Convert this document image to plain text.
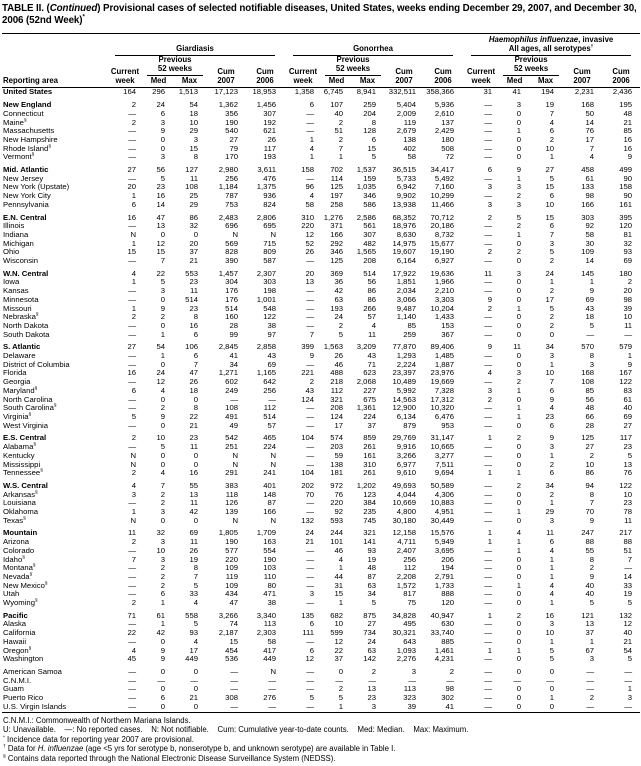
TABLE II. (Continued) Provisional cases of selected notifiable diseases, United States, weeks ending December 29, 2007, and December 30, 2006 (52nd Week)*
Reporting area	Giardiasis					Gonorrhea					Haemophilus influenzae, invasive
All ages, all serotypes†

	Current
week	Previous
52 weeks		Cum
2007	Cum
2006	Current
week	Previous
52 weeks		Cum
2007	Cum
2006	Current
week	Previous
52 weeks		Cum
2007	Cum
2006
		Med	Max				Med	Max				Med	Max		
United States	164	296	1,513	17,123	18,953	1,358	6,745	8,941	332,511	358,366	31	41	194	2,231	2,436

New England	2	24	54	1,362	1,456	6	107	259	5,404	5,936	—	3	19	168	195
Connecticut	—	6	18	356	307	—	40	204	2,009	2,610	—	0	7	50	48
Maine§	2	3	10	190	192	—	2	8	119	137	—	0	4	14	21
Massachusetts	—	9	29	540	621	—	51	128	2,679	2,429	—	1	6	76	85
New Hampshire	—	0	3	27	26	1	2	6	138	180	—	0	2	17	16
Rhode Island§	—	0	15	79	117	4	7	15	402	508	—	0	10	7	16
Vermont§	—	3	8	170	193	1	1	5	58	72	—	0	1	4	9

Mid. Atlantic	27	56	127	2,980	3,611	158	702	1,537	36,515	34,417	6	9	27	458	499
New Jersey	—	5	11	256	476	—	114	159	5,733	5,492	—	1	5	61	90
New York (Upstate)	20	23	108	1,184	1,375	96	125	1,035	6,942	7,160	3	3	15	133	158
New York City	1	16	25	787	936	4	197	346	9,902	10,299	—	2	6	98	90
Pennsylvania	6	14	29	753	824	58	258	586	13,938	11,466	3	3	10	166	161

E.N. Central	16	47	86	2,483	2,806	310	1,276	2,586	68,352	70,712	2	5	15	303	395
Illinois	—	13	32	696	695	220	371	561	18,976	20,186	—	2	6	92	120
Indiana	N	0	0	N	N	12	166	307	8,630	8,732	—	1	7	58	81
Michigan	1	12	20	569	715	52	292	482	14,975	15,677	—	0	3	30	32
Ohio	15	15	37	828	809	26	346	1,565	19,607	19,190	2	2	5	109	93
Wisconsin	—	7	21	390	587	—	125	208	6,164	6,927	—	0	2	14	69

W.N. Central	4	22	553	1,457	2,307	20	369	514	17,922	19,636	11	3	24	145	180
Iowa	1	5	23	304	303	13	36	56	1,851	1,966	—	0	1	1	2
Kansas	—	3	11	176	198	—	42	86	2,034	2,210	—	0	2	9	20
Minnesota	—	0	514	176	1,001	—	63	86	3,066	3,303	9	0	17	69	98
Missouri	1	9	23	514	548	—	193	266	9,487	10,204	2	1	5	43	39
Nebraska§	2	2	8	160	122	—	24	57	1,140	1,433	—	0	2	18	10
North Dakota	—	0	16	28	38	—	2	4	85	153	—	0	2	5	11
South Dakota	—	1	6	99	97	7	5	11	259	367	—	0	0	—	—

S. Atlantic	27	54	106	2,845	2,858	399	1,563	3,209	77,870	89,406	9	11	34	570	579
Delaware	—	1	6	41	43	9	26	43	1,293	1,485	—	0	3	8	1
District of Columbia	—	0	7	34	69	—	46	71	2,224	1,887	—	0	1	3	9
Florida	16	24	47	1,271	1,165	221	488	623	23,397	23,976	4	3	10	168	167
Georgia	—	12	26	602	642	2	218	2,068	10,489	19,669	—	2	7	108	122
Maryland§	6	4	18	249	256	43	112	227	5,992	7,328	3	1	6	85	83
North Carolina	—	0	0	—	—	124	321	675	14,563	17,312	2	0	9	56	61
South Carolina§	—	2	8	108	112	—	208	1,361	12,900	10,320	—	1	4	48	40
Virginia§	5	9	22	491	514	—	124	224	6,134	6,476	—	1	23	66	69
West Virginia	—	0	21	49	57	—	17	37	879	953	—	0	6	28	27

E.S. Central	2	10	23	542	465	104	574	859	29,769	31,147	1	2	9	125	117
Alabama§	—	5	11	251	224	—	203	261	9,916	10,665	—	0	3	27	23
Kentucky	N	0	0	N	N	—	59	161	3,266	3,277	—	0	1	2	5
Mississippi	N	0	0	N	N	—	138	310	6,977	7,511	—	0	2	10	13
Tennessee§	2	4	16	291	241	104	181	261	9,610	9,694	1	1	6	86	76

W.S. Central	4	7	55	383	401	202	972	1,202	49,693	50,589	—	2	34	94	122
Arkansas§	3	2	13	118	148	70	76	123	4,044	4,306	—	0	2	8	10
Louisiana	—	2	11	126	87	—	220	384	10,669	10,883	—	0	1	7	23
Oklahoma	1	3	42	139	166	—	92	235	4,800	4,951	—	1	29	70	78
Texas§	N	0	0	N	N	132	593	745	30,180	30,449	—	0	3	9	11

Mountain	11	32	69	1,805	1,709	24	244	321	12,158	15,576	1	4	11	247	217
Arizona	2	3	11	190	163	21	101	141	4,711	5,949	1	1	6	88	88
Colorado	—	10	26	577	554	—	46	93	2,407	3,695	—	1	4	55	51
Idaho§	7	3	19	220	190	—	4	19	256	206	—	0	1	8	7
Montana§	—	2	8	109	103	—	1	48	112	194	—	0	1	2	—
Nevada§	—	2	7	119	110	—	44	87	2,208	2,791	—	0	1	9	14
New Mexico§	—	2	5	109	80	—	31	63	1,572	1,733	—	1	4	40	33
Utah	—	6	33	434	471	3	15	34	817	888	—	0	4	40	19
Wyoming§	2	1	4	47	38	—	1	5	75	120	—	0	1	5	5

Pacific	71	61	558	3,266	3,340	135	682	875	34,828	40,947	1	2	16	121	132
Alaska	—	1	5	74	113	6	10	27	495	630	—	0	3	13	12
California	22	42	93	2,187	2,303	111	599	734	30,321	33,740	—	0	10	37	40
Hawaii	—	0	4	15	58	—	12	24	643	885	—	0	1	1	21
Oregon§	4	9	17	454	417	6	22	63	1,093	1,461	1	1	5	67	54
Washington	45	9	449	536	449	12	37	142	2,276	4,231	—	0	5	3	5

American Samoa	—	0	0	—	N	—	0	2	3	2	—	0	0	—	—
C.N.M.I.	—	—	—	—	—	—	—	—	—	—	—	—	—	—	—
Guam	—	0	0	—	—	—	2	13	113	98	—	0	0	—	1
Puerto Rico	—	6	21	308	276	5	5	23	323	302	—	0	1	2	3
U.S. Virgin Islands	—	0	0	—	—	—	1	3	39	41	—	0	0	—	—
C.N.M.I.: Commonwealth of Northern Mariana Islands.
U: Unavailable.    —: No reported cases.    N: Not notifiable.    Cum: Cumulative year-to-date counts.    Med: Median.    Max: Maximum.
* Incidence data for reporting year 2007 are provisional.
† Data for H. influenzae (age <5 yrs for serotype b, nonserotype b, and unknown serotype) are available in Table I.
§ Contains data reported through the National Electronic Disease Surveillance System (NEDSS).
